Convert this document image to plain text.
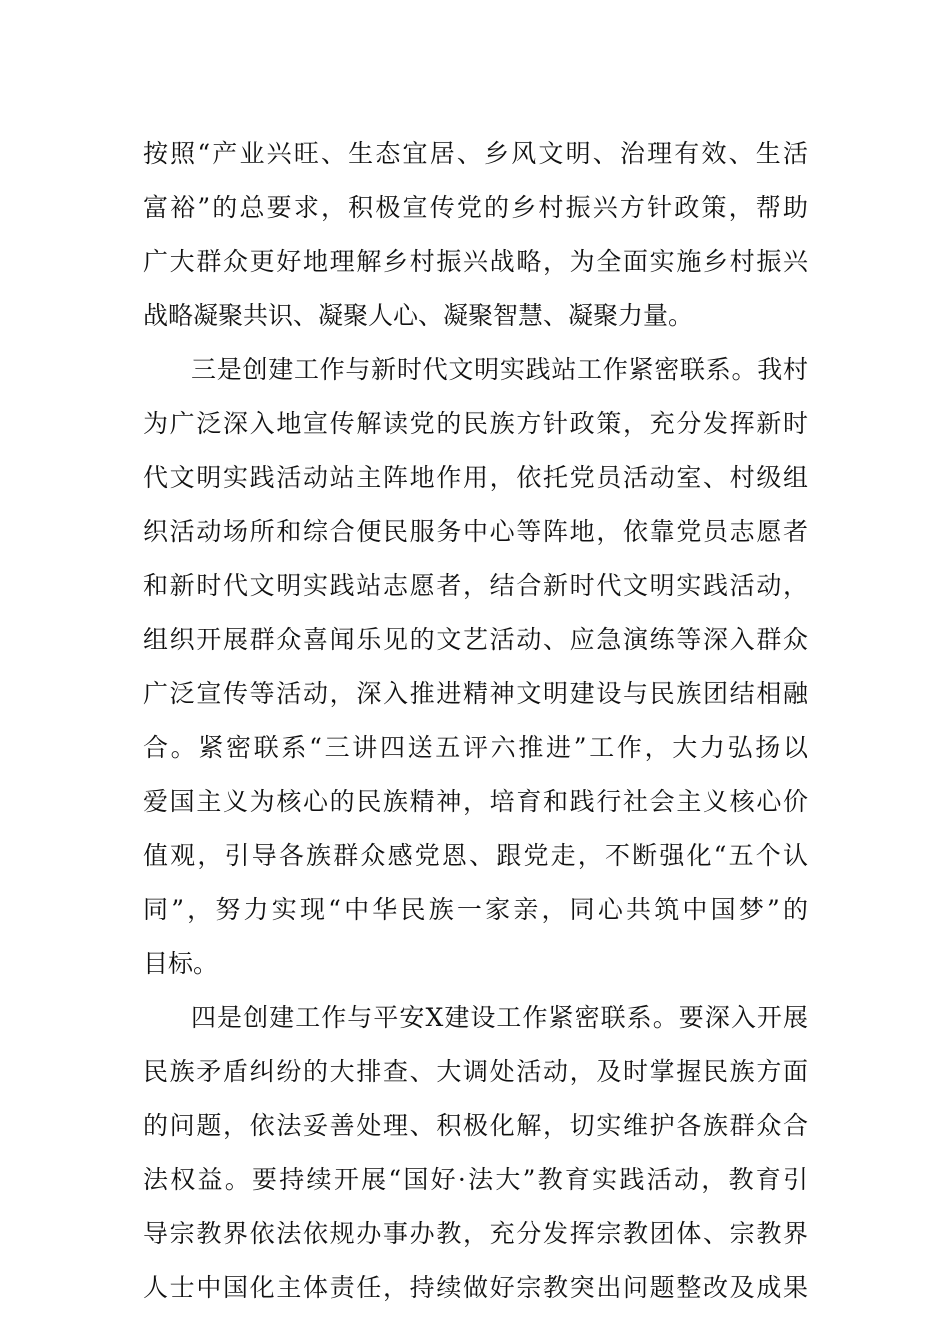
按照“产业兴旺、生态宜居、乡风文明、治理有效、生活
富裕”的总要求，积极宣传党的乡村振兴方针政策，帮助
广大群众更好地理解乡村振兴战略，为全面实施乡村振兴
战略凝聚共识、凝聚人心、凝聚智慧、凝聚力量。
三是创建工作与新时代文明实践站工作紧密联系。我村
为广泛深入地宣传解读党的民族方针政策，充分发挥新时
代文明实践活动站主阵地作用，依托党员活动室、村级组
织活动场所和综合便民服务中心等阵地，依靠党员志愿者
和新时代文明实践站志愿者，结合新时代文明实践活动，
组织开展群众喜闻乐见的文艺活动、应急演练等深入群众
广泛宣传等活动，深入推进精神文明建设与民族团结相融
合。紧密联系“三讲四送五评六推进”工作，大力弘扬以
爱国主义为核心的民族精神，培育和践行社会主义核心价
值观，引导各族群众感党恩、跟党走，不断强化“五个认
同”，努力实现“中华民族一家亲，同心共筑中国梦”的
目标。
四是创建工作与平安X建设工作紧密联系。要深入开展
民族矛盾纠纷的大排查、大调处活动，及时掌握民族方面
的问题，依法妥善处理、积极化解，切实维护各族群众合
法权益。要持续开展“国好·法大”教育实践活动，教育引
导宗教界依法依规办事办教，充分发挥宗教团体、宗教界
人士中国化主体责任，持续做好宗教突出问题整改及成果
